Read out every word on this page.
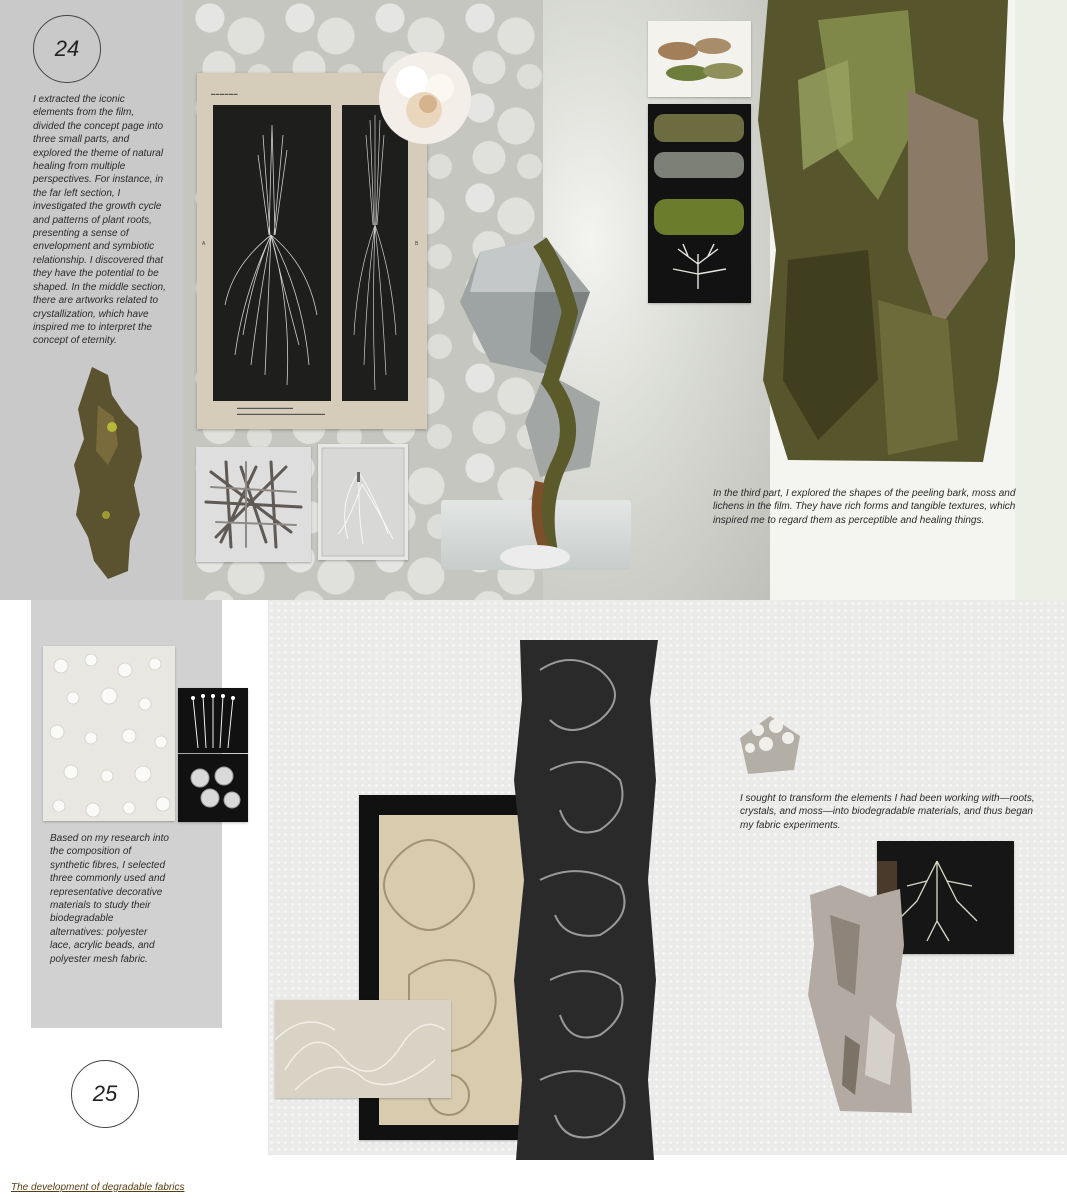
24
I extracted the iconic elements from the film, divided the concept page into three small parts, and explored the theme of natural healing from multiple perspectives. For instance, in the far left section, I investigated the growth cycle and patterns of plant roots, presenting a sense of envelopment and symbiotic relationship. I discovered that they have the potential to be shaped. In the middle section, there are artworks related to crystallization, which have inspired me to interpret the concept of eternity.
▬▬▬▬▬▬
A	B
▬▬▬▬▬▬▬▬▬▬▬▬▬▬
▬▬▬▬▬▬▬▬▬▬▬▬▬▬▬▬▬▬▬▬▬▬
In the third part, I explored the shapes of the peeling bark, moss and lichens in the film. They have rich forms and tangible textures, which inspired me to regard them as perceptible and healing things.
Based on my research into the composition of synthetic fibres, I selected three commonly used and representative decorative materials to study their biodegradable alternatives: polyester lace, acrylic beads, and polyester mesh fabric.
25
I sought to transform the elements I had been working with—roots, crystals, and moss—into biodegradable materials, and thus began my fabric experiments.
The development of degradable fabrics
